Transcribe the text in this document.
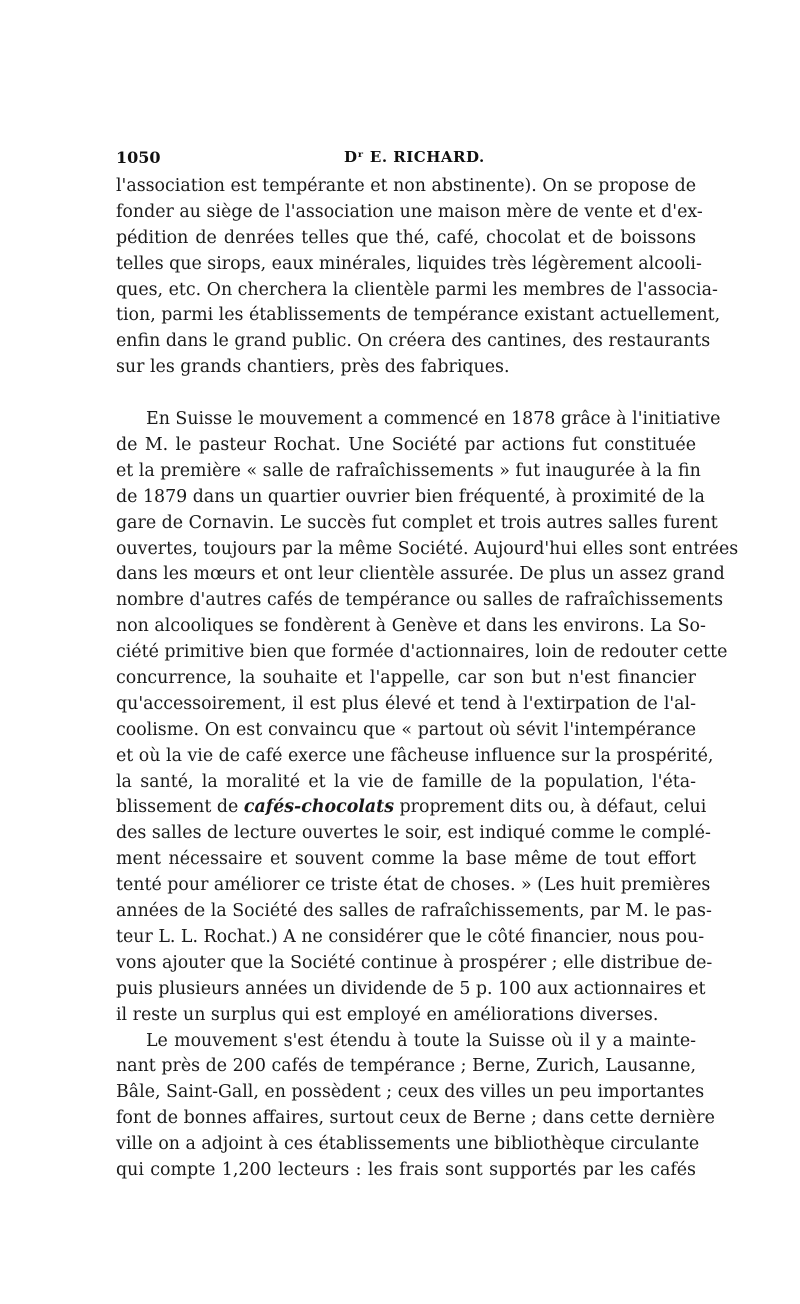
1050	Dʳ E. RICHARD.
l'association est tempérante et non abstinente). On se propose de
fonder au siège de l'association une maison mère de vente et d'ex-
pédition de denrées telles que thé, café, chocolat et de boissons
telles que sirops, eaux minérales, liquides très légèrement alcooli-
ques, etc. On cherchera la clientèle parmi les membres de l'associa-
tion, parmi les établissements de tempérance existant actuellement,
enfin dans le grand public. On créera des cantines, des restaurants
sur les grands chantiers, près des fabriques.
En Suisse le mouvement a commencé en 1878 grâce à l'initiative
de M. le pasteur Rochat. Une Société par actions fut constituée
et la première « salle de rafraîchissements » fut inaugurée à la fin
de 1879 dans un quartier ouvrier bien fréquenté, à proximité de la
gare de Cornavin. Le succès fut complet et trois autres salles furent
ouvertes, toujours par la même Société. Aujourd'hui elles sont entrées
dans les mœurs et ont leur clientèle assurée. De plus un assez grand
nombre d'autres cafés de tempérance ou salles de rafraîchissements
non alcooliques se fondèrent à Genève et dans les environs. La So-
ciété primitive bien que formée d'actionnaires, loin de redouter cette
concurrence, la souhaite et l'appelle, car son but n'est financier
qu'accessoirement, il est plus élevé et tend à l'extirpation de l'al-
coolisme. On est convaincu que « partout où sévit l'intempérance
et où la vie de café exerce une fâcheuse influence sur la prospérité,
la santé, la moralité et la vie de famille de la population, l'éta-
blissement de cafés-chocolats proprement dits ou, à défaut, celui
des salles de lecture ouvertes le soir, est indiqué comme le complé-
ment nécessaire et souvent comme la base même de tout effort
tenté pour améliorer ce triste état de choses. » (Les huit premières
années de la Société des salles de rafraîchissements, par M. le pas-
teur L. L. Rochat.) A ne considérer que le côté financier, nous pou-
vons ajouter que la Société continue à prospérer ; elle distribue de-
puis plusieurs années un dividende de 5 p. 100 aux actionnaires et
il reste un surplus qui est employé en améliorations diverses.
Le mouvement s'est étendu à toute la Suisse où il y a mainte-
nant près de 200 cafés de tempérance ; Berne, Zurich, Lausanne,
Bâle, Saint-Gall, en possèdent ; ceux des villes un peu importantes
font de bonnes affaires, surtout ceux de Berne ; dans cette dernière
ville on a adjoint à ces établissements une bibliothèque circulante
qui compte 1,200 lecteurs : les frais sont supportés par les cafés
